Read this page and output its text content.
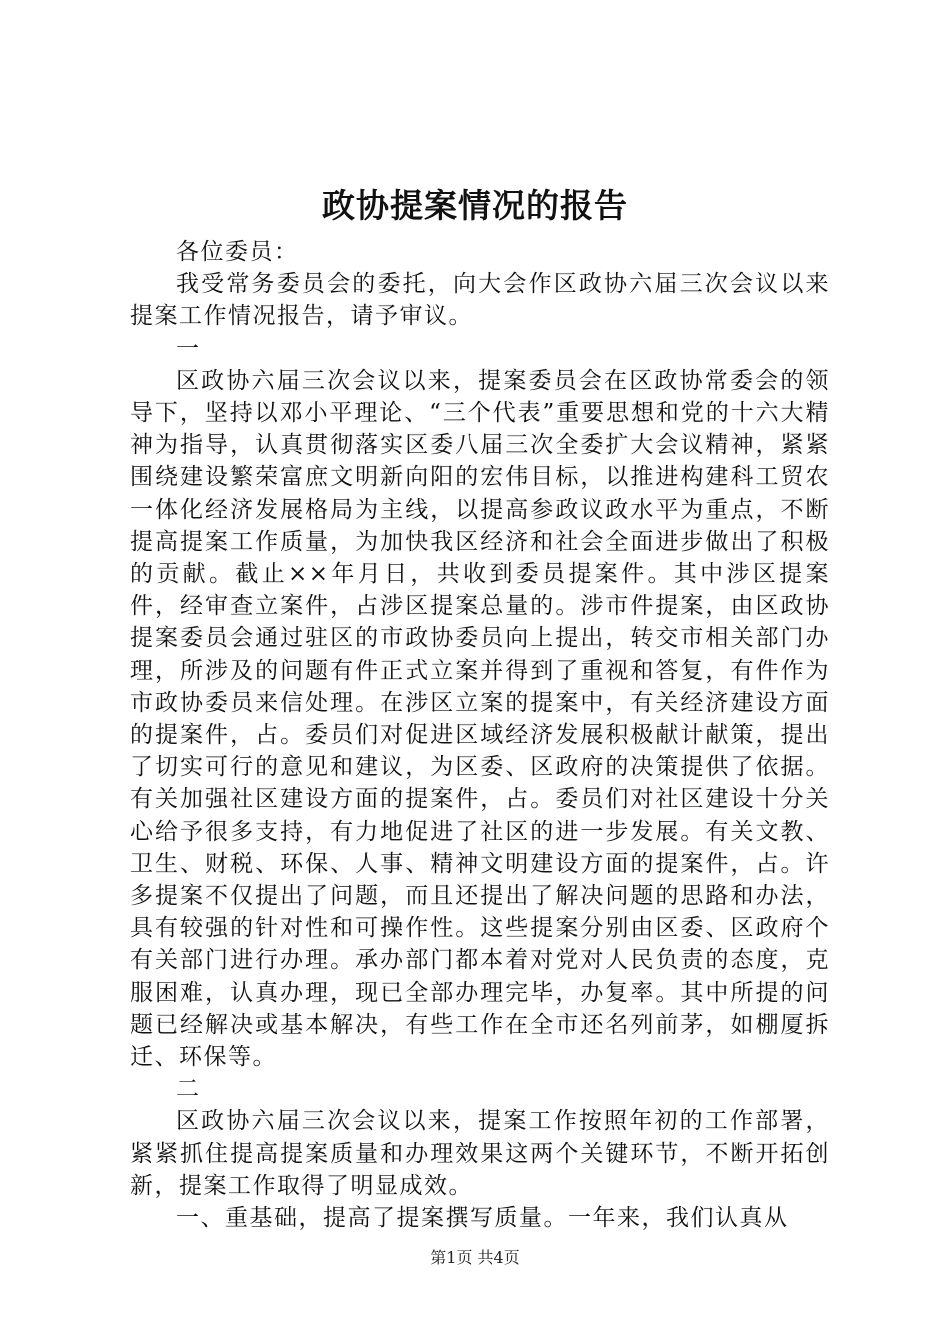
政协提案情况的报告

各位委员：

我受常务委员会的委托，向大会作区政协六届三次会议以来提案工作情况报告，请予审议。

一

区政协六届三次会议以来，提案委员会在区政协常委会的领导下，坚持以邓小平理论、“三个代表”重要思想和党的十六大精神为指导，认真贯彻落实区委八届三次全委扩大会议精神，紧紧围绕建设繁荣富庶文明新向阳的宏伟目标，以推进构建科工贸农一体化经济发展格局为主线，以提高参政议政水平为重点，不断提高提案工作质量，为加快我区经济和社会全面进步做出了积极的贡献。截止××年月日，共收到委员提案件。其中涉区提案件，经审查立案件，占涉区提案总量的。涉市件提案，由区政协提案委员会通过驻区的市政协委员向上提出，转交市相关部门办理，所涉及的问题有件正式立案并得到了重视和答复，有件作为市政协委员来信处理。在涉区立案的提案中，有关经济建设方面的提案件，占。委员们对促进区域经济发展积极献计献策，提出了切实可行的意见和建议，为区委、区政府的决策提供了依据。有关加强社区建设方面的提案件，占。委员们对社区建设十分关心给予很多支持，有力地促进了社区的进一步发展。有关文教、卫生、财税、环保、人事、精神文明建设方面的提案件，占。许多提案不仅提出了问题，而且还提出了解决问题的思路和办法，具有较强的针对性和可操作性。这些提案分别由区委、区政府个有关部门进行办理。承办部门都本着对党对人民负责的态度，克服困难，认真办理，现已全部办理完毕，办复率。其中所提的问题已经解决或基本解决，有些工作在全市还名列前茅，如棚厦拆迁、环保等。

二

区政协六届三次会议以来，提案工作按照年初的工作部署，紧紧抓住提高提案质量和办理效果这两个关键环节，不断开拓创新，提案工作取得了明显成效。

一、重基础，提高了提案撰写质量。一年来，我们认真从

第1页 共4页
